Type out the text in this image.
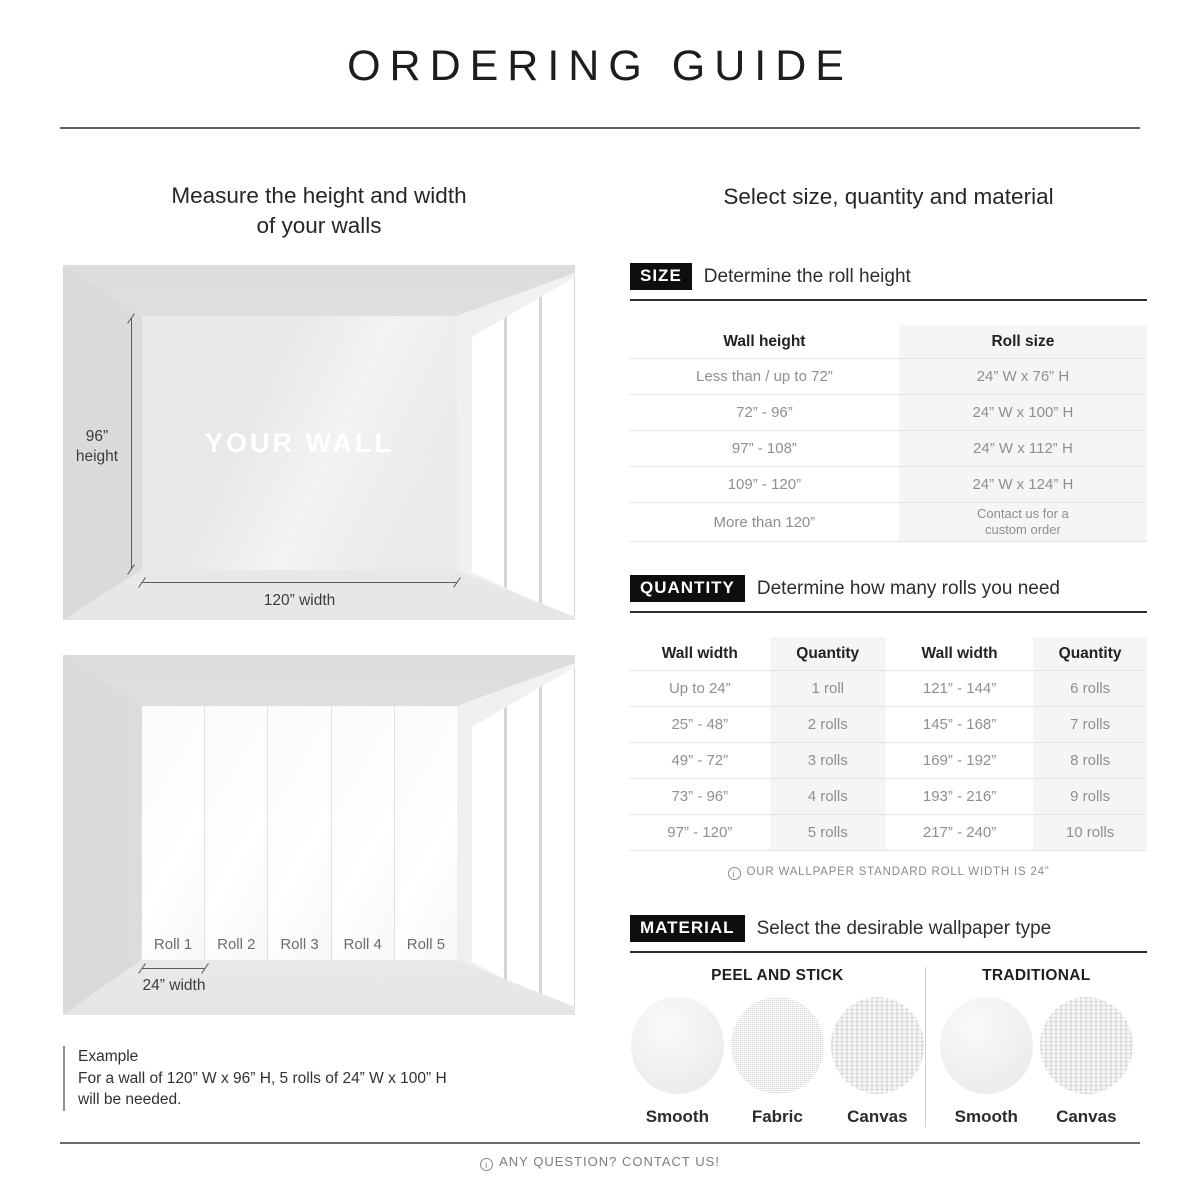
ORDERING GUIDE
Measure the height and width
of your walls
Select size, quantity and material
YOUR WALL
96”
height
120” width
Roll 1	Roll 2	Roll 3	Roll 4	Roll 5
24” width
Example
For a wall of 120” W x 96” H, 5 rolls of 24” W x 100” H
will be needed.
SIZE	Determine the roll height
Wall height	Roll size
Less than / up to 72”	24” W x 76” H
72” - 96”	24” W x 100” H
97” - 108”	24” W x 112” H
109” - 120”	24” W x 124” H
More than 120”	Contact us for a custom order
QUANTITY	Determine how many rolls you need
Wall width	Quantity	Wall width	Quantity
Up to 24”	1 roll	121” - 144”	6 rolls
25” - 48”	2 rolls	145” - 168”	7 rolls
49” - 72”	3 rolls	169” - 192”	8 rolls
73” - 96”	4 rolls	193” - 216”	9 rolls
97” - 120”	5 rolls	217” - 240”	10 rolls
i OUR WALLPAPER STANDARD ROLL WIDTH IS 24”
MATERIAL	Select the desirable wallpaper type
PEEL AND STICK
Smooth	Fabric	Canvas
TRADITIONAL
Smooth	Canvas
i ANY QUESTION? CONTACT US!
